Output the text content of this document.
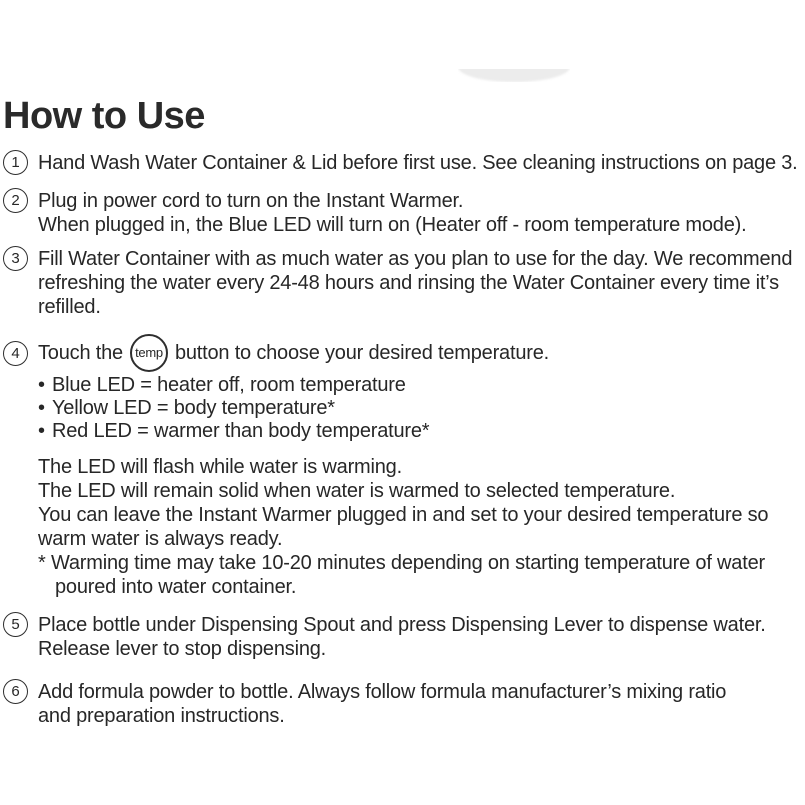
How to Use
1 Hand Wash Water Container & Lid before first use. See cleaning instructions on page 3.
2 Plug in power cord to turn on the Instant Warmer.
When plugged in, the Blue LED will turn on (Heater off - room temperature mode).
3 Fill Water Container with as much water as you plan to use for the day. We recommend
refreshing the water every 24-48 hours and rinsing the Water Container every time it’s
refilled.
4 Touch the temp button to choose your desired temperature.
• Blue LED = heater off, room temperature
• Yellow LED = body temperature*
• Red LED = warmer than body temperature*
The LED will flash while water is warming.
The LED will remain solid when water is warmed to selected temperature.
You can leave the Instant Warmer plugged in and set to your desired temperature so
warm water is always ready.
* Warming time may take 10-20 minutes depending on starting temperature of water
poured into water container.
5 Place bottle under Dispensing Spout and press Dispensing Lever to dispense water.
Release lever to stop dispensing.
6 Add formula powder to bottle. Always follow formula manufacturer’s mixing ratio
and preparation instructions.
